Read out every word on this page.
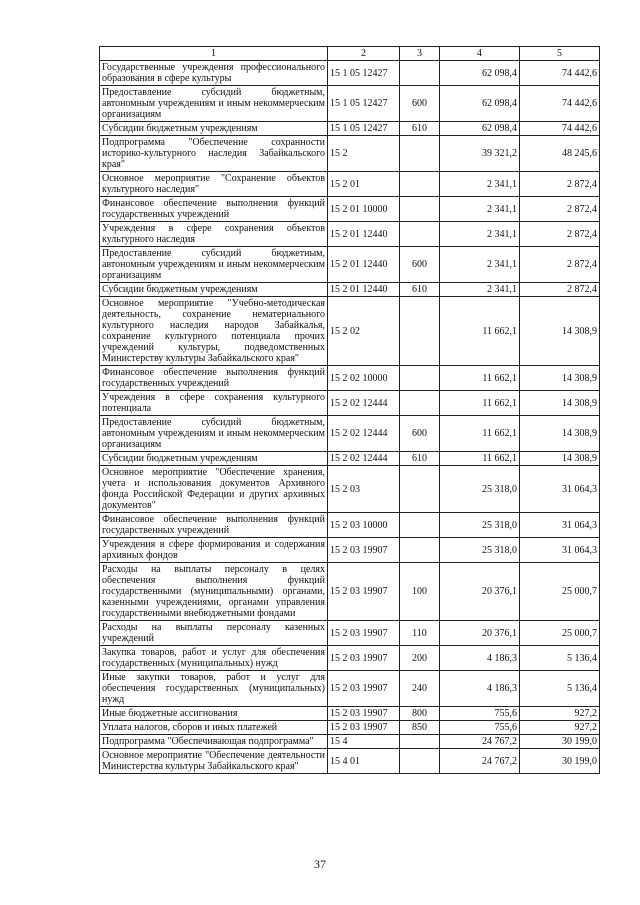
1	2	3	4	5
Государственные учреждения профессионального образования в сфере культуры	15 1 05 12427		62 098,4	74 442,6
Предоставление субсидий бюджетным, автономным учреждениям и иным некоммерческим организациям	15 1 05 12427	600	62 098,4	74 442,6
Субсидии бюджетным учреждениям	15 1 05 12427	610	62 098,4	74 442,6
Подпрограмма "Обеспечение сохранности историко-культурного наследия Забайкальского края"	15 2		39 321,2	48 245,6
Основное мероприятие "Сохранение объектов культурного наследия"	15 2 01		2 341,1	2 872,4
Финансовое обеспечение выполнения функций государственных учреждений	15 2 01 10000		2 341,1	2 872,4
Учреждения в сфере сохранения объектов культурного наследия	15 2 01 12440		2 341,1	2 872,4
Предоставление субсидий бюджетным, автономным учреждениям и иным некоммерческим организациям	15 2 01 12440	600	2 341,1	2 872,4
Субсидии бюджетным учреждениям	15 2 01 12440	610	2 341,1	2 872,4
Основное мероприятие "Учебно-методическая деятельность, сохранение нематериального культурного наследия народов Забайкалья, сохранение культурного потенциала прочих учреждений культуры, подведомственных Министерству культуры Забайкальского края"	15 2 02		11 662,1	14 308,9
Финансовое обеспечение выполнения функций государственных учреждений	15 2 02 10000		11 662,1	14 308,9
Учреждения в сфере сохранения культурного потенциала	15 2 02 12444		11 662,1	14 308,9
Предоставление субсидий бюджетным, автономным учреждениям и иным некоммерческим организациям	15 2 02 12444	600	11 662,1	14 308,9
Субсидии бюджетным учреждениям	15 2 02 12444	610	11 662,1	14 308,9
Основное мероприятие "Обеспечение хранения, учета и использования документов Архивного фонда Российской Федерации и других архивных документов"	15 2 03		25 318,0	31 064,3
Финансовое обеспечение выполнения функций государственных учреждений	15 2 03 10000		25 318,0	31 064,3
Учреждения в сфере формирования и содержания архивных фондов	15 2 03 19907		25 318,0	31 064,3
Расходы на выплаты персоналу в целях обеспечения выполнения функций государственными (муниципальными) органами, казенными учреждениями, органами управления государственными внебюджетными фондами	15 2 03 19907	100	20 376,1	25 000,7
Расходы на выплаты персоналу казенных учреждений	15 2 03 19907	110	20 376,1	25 000,7
Закупка товаров, работ и услуг для обеспечения государственных (муниципальных) нужд	15 2 03 19907	200	4 186,3	5 136,4
Иные закупки товаров, работ и услуг для обеспечения государственных (муниципальных) нужд	15 2 03 19907	240	4 186,3	5 136,4
Иные бюджетные ассигнования	15 2 03 19907	800	755,6	927,2
Уплата налогов, сборов и иных платежей	15 2 03 19907	850	755,6	927,2
Подпрограмма "Обеспечивающая подпрограмма"	15 4		24 767,2	30 199,0
Основное мероприятие "Обеспечение деятельности Министерства культуры Забайкальского края"	15 4 01		24 767,2	30 199,0
37
